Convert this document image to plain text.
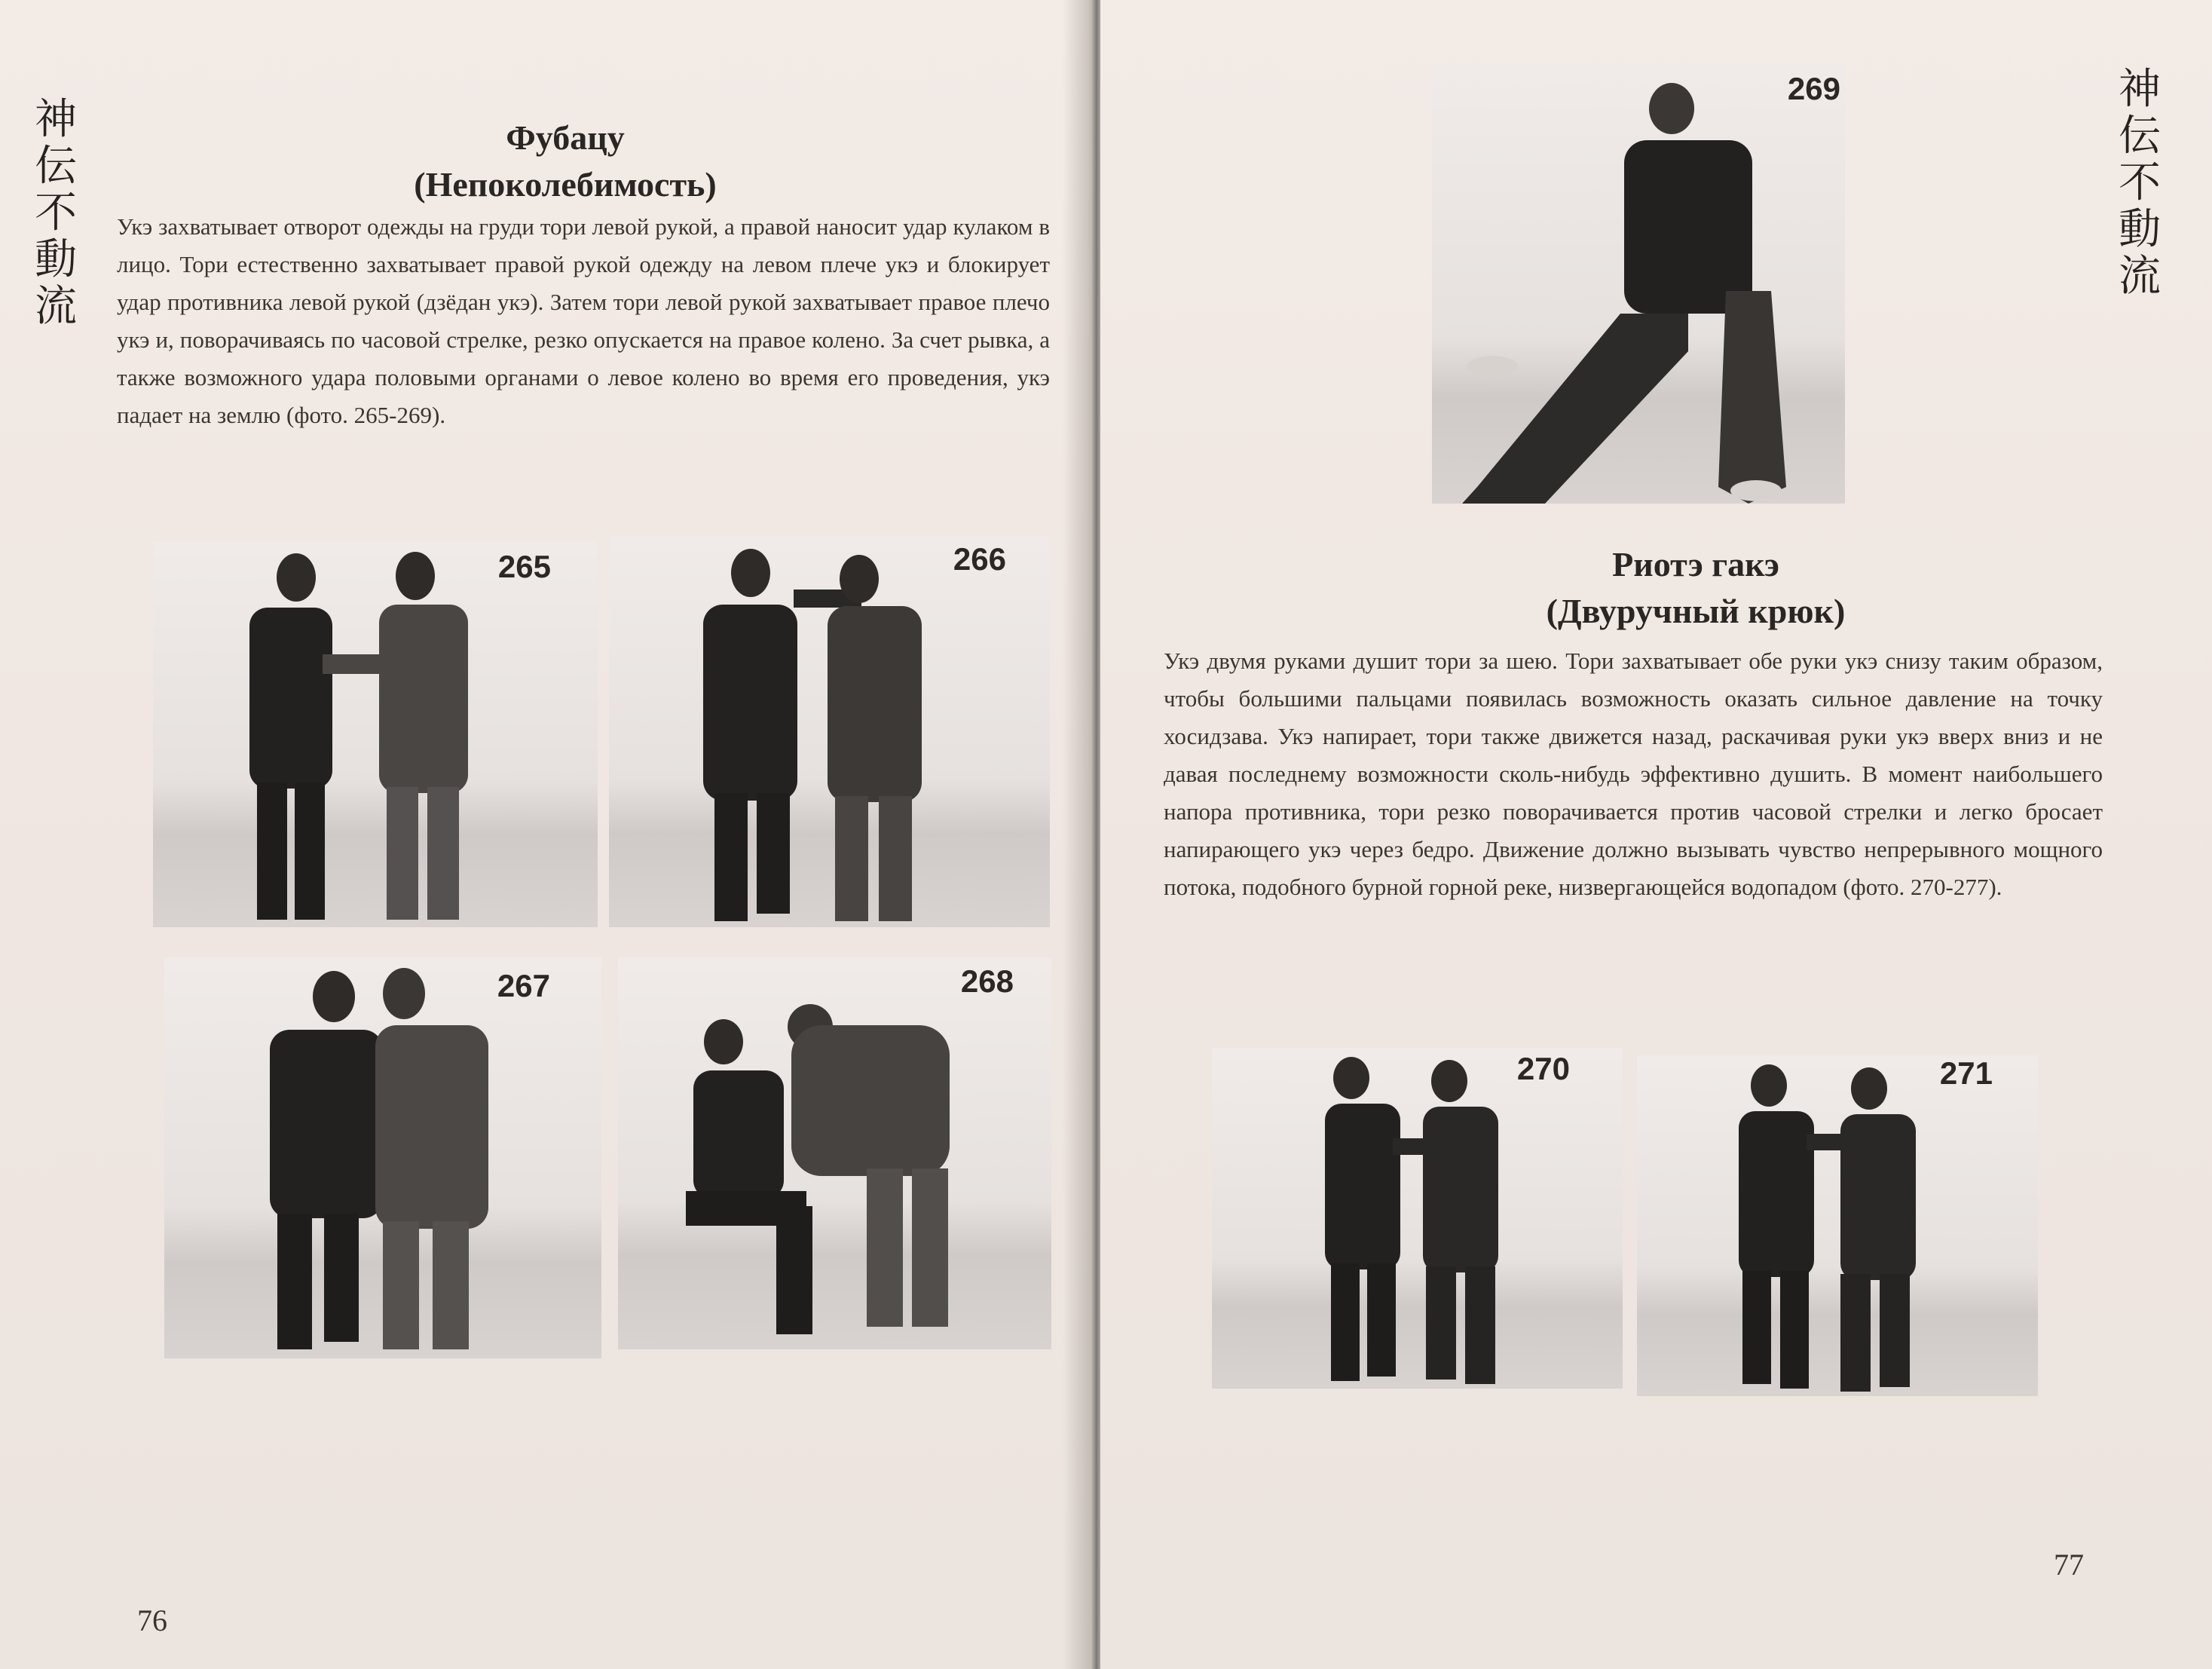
神
伝
不
動
流
Фубацу
(Непоколебимость)

Укэ захватывает отворот одежды на груди тори левой рукой, а правой наносит удар кулаком в лицо. Тори естественно захватывает правой рукой одежду на левом плече укэ и блокирует удар противника левой рукой (дзёдан укэ). Затем тори левой рукой захватывает правое плечо укэ и, поворачиваясь по часовой стрелке, резко опускается на правое колено. За счет рывка, а также возможного удара половыми органами о левое колено во время его проведения, укэ падает на землю (фото. 265-269).

265	266
267	268
76
神
伝
不
動
流
269
Риотэ гакэ
(Двуручный крюк)

Укэ двумя руками душит тори за шею. Тори захватывает обе руки укэ снизу таким образом, чтобы большими пальцами появилась возможность оказать сильное давление на точку хосидзава. Укэ напирает, тори также движется назад, раскачивая руки укэ вверх вниз и не давая последнему возможности сколь-нибудь эффективно душить. В момент наибольшего напора противника, тори резко поворачивается против часовой стрелки и легко бросает напирающего укэ через бедро. Движение должно вызывать чувство непрерывного мощного потока, подобного бурной горной реке, низвергающейся водопадом (фото. 270-277).

270	271
77
